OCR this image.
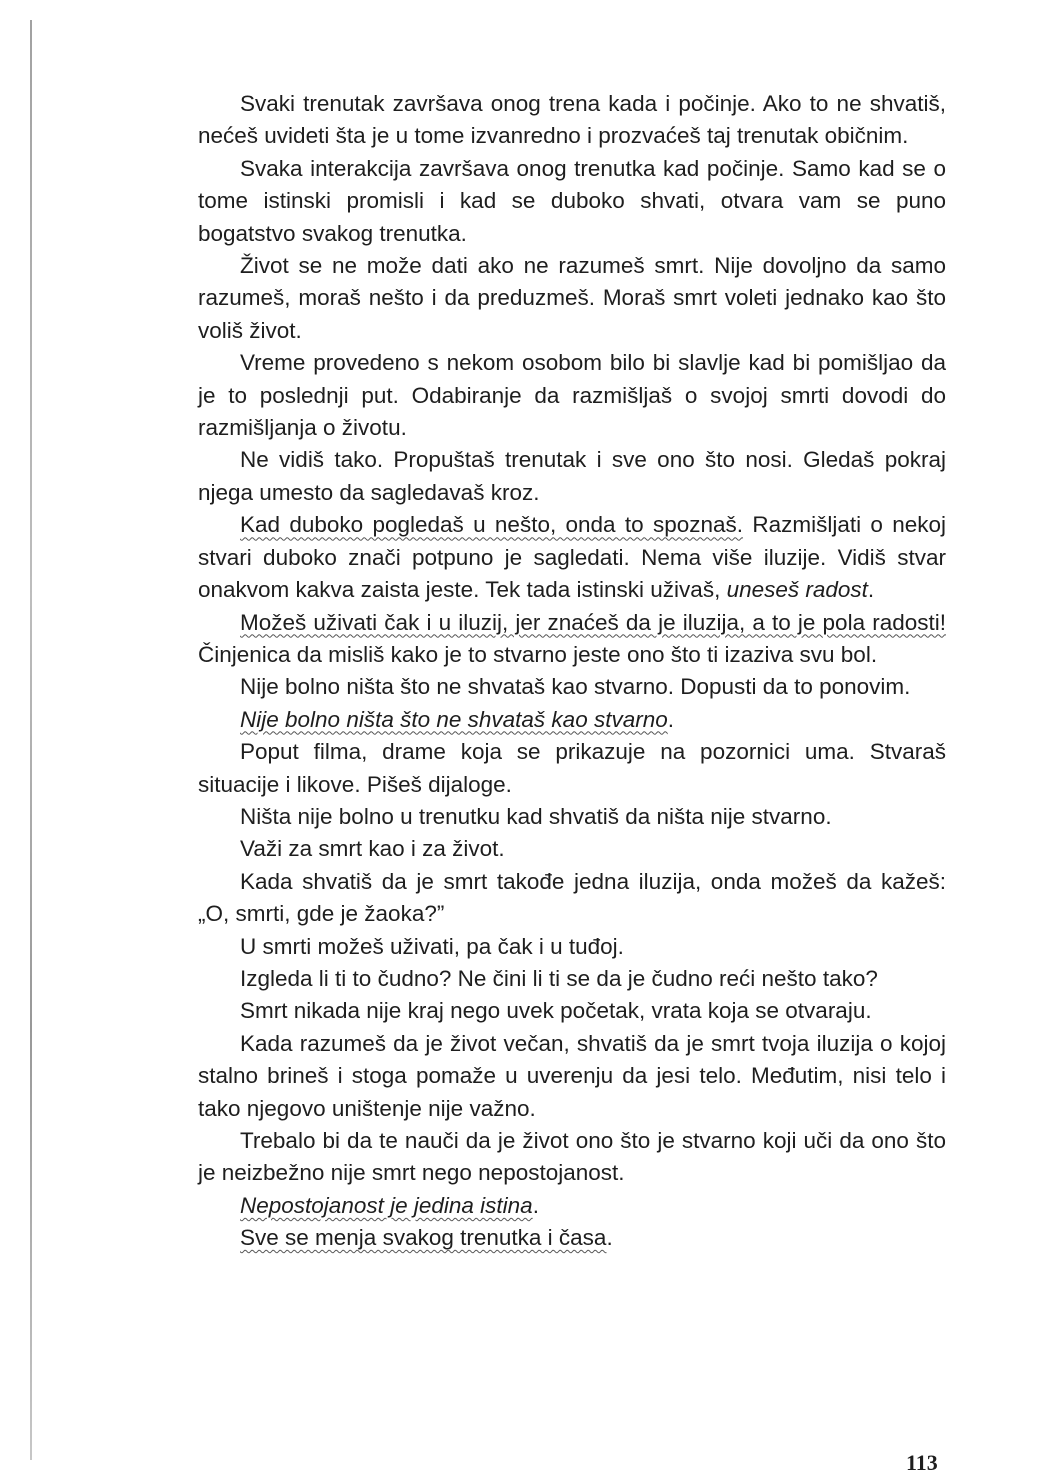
Svaki trenutak završava onog trena kada i počinje. Ako to ne shvatiš, nećeš uvideti šta je u tome izvanredno i prozvaćeš taj trenutak običnim.

Svaka interakcija završava onog trenutka kad počinje. Samo kad se o tome istinski promisli i kad se duboko shvati, otvara vam se puno bogatstvo svakog trenutka.

Život se ne može dati ako ne razumeš smrt. Nije dovoljno da samo razumeš, moraš nešto i da preduzmeš. Moraš smrt voleti jednako kao što voliš život.

Vreme provedeno s nekom osobom bilo bi slavlje kad bi pomišljao da je to poslednji put. Odabiranje da razmišljaš o svojoj smrti dovodi do razmišljanja o životu.

Ne vidiš tako. Propuštaš trenutak i sve ono što nosi. Gledaš pokraj njega umesto da sagledavaš kroz.

Kad duboko pogledaš u nešto, onda to spoznaš. Razmišljati o nekoj stvari duboko znači potpuno je sagledati. Nema više iluzije. Vidiš stvar onakvom kakva zaista jeste. Tek tada istinski uživaš, uneseš radost.

Možeš uživati čak i u iluzij, jer znaćeš da je iluzija, a to je pola radosti! Činjenica da misliš kako je to stvarno jeste ono što ti izaziva svu bol.

Nije bolno ništa što ne shvataš kao stvarno. Dopusti da to ponovim.

Nije bolno ništa što ne shvataš kao stvarno.

Poput filma, drame koja se prikazuje na pozornici uma. Stvaraš situacije i likove. Pišeš dijaloge.

Ništa nije bolno u trenutku kad shvatiš da ništa nije stvarno.

Važi za smrt kao i za život.

Kada shvatiš da je smrt takođe jedna iluzija, onda možeš da kažeš: „O, smrti, gde je žaoka?”

U smrti možeš uživati, pa čak i u tuđoj.

Izgleda li ti to čudno? Ne čini li ti se da je čudno reći nešto tako?

Smrt nikada nije kraj nego uvek početak, vrata koja se otvaraju.

Kada razumeš da je život večan, shvatiš da je smrt tvoja iluzija o kojoj stalno brineš i stoga pomaže u uverenju da jesi telo. Međutim, nisi telo i tako njegovo uništenje nije važno.

Trebalo bi da te nauči da je život ono što je stvarno koji uči da ono što je neizbežno nije smrt nego nepostojanost.

Nepostojanost je jedina istina.

Sve se menja svakog trenutka i časa.

113
